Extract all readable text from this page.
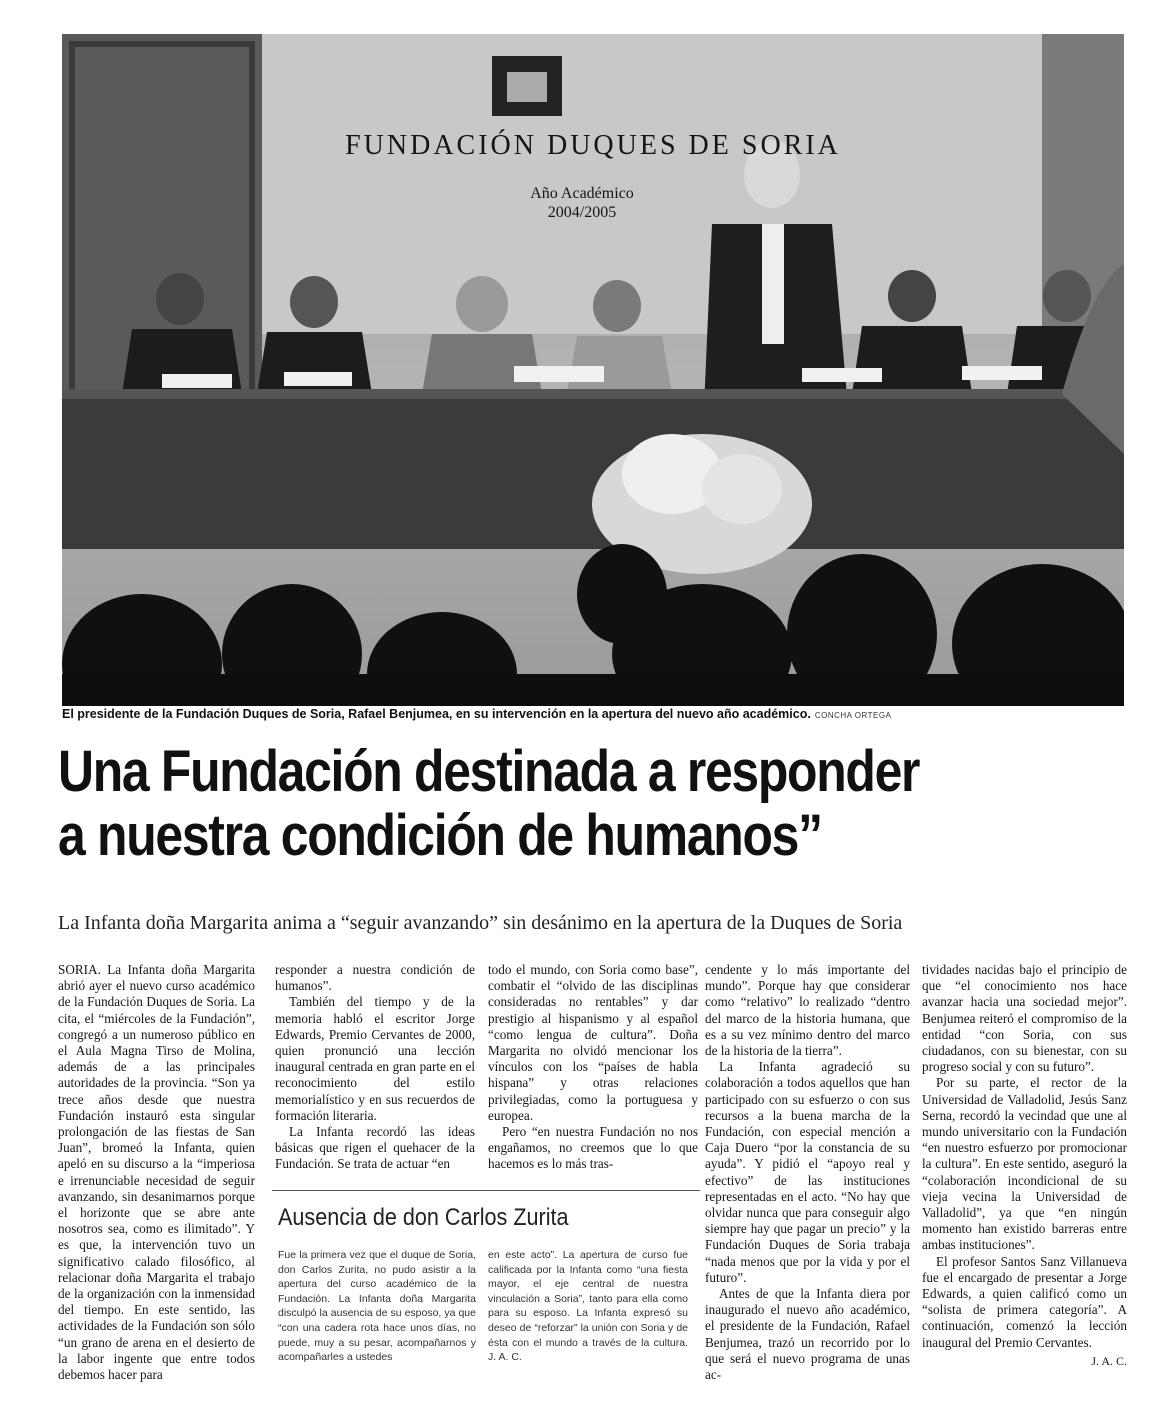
FUNDACIÓN DUQUES DE SORIA
Año Académico
2004/2005
El presidente de la Fundación Duques de Soria, Rafael Benjumea, en su intervención en la apertura del nuevo año académico. CONCHA ORTEGA
Una Fundación destinada a responder
a nuestra condición de humanos”
La Infanta doña Margarita anima a “seguir avanzando” sin desánimo en la apertura de la Duques de Soria

SORIA. La Infanta doña Margarita abrió ayer el nuevo curso académico de la Fundación Duques de Soria. La cita, el “miércoles de la Fundación”, congregó a un numeroso público en el Aula Magna Tirso de Molina, además de a las principales autoridades de la provincia. “Son ya trece años desde que nuestra Fundación instauró esta singular prolongación de las fiestas de San Juan”, bromeó la Infanta, quien apeló en su discurso a la “imperiosa e irrenunciable necesidad de seguir avanzando, sin desanimarnos porque el horizonte que se abre ante nosotros sea, como es ilimitado”. Y es que, la intervención tuvo un significativo calado filosófico, al relacionar doña Margarita el trabajo de la organización con la inmensidad del tiempo. En este sentido, las actividades de la Fundación son sólo “un grano de arena en el desierto de la labor ingente que entre todos debemos hacer para

responder a nuestra condición de humanos”.

También del tiempo y de la memoria habló el escritor Jorge Edwards, Premio Cervantes de 2000, quien pronunció una lección inaugural centrada en gran parte en el reconocimiento del estilo memorialístico y en sus recuerdos de formación literaria.

La Infanta recordó las ideas básicas que rigen el quehacer de la Fundación. Se trata de actuar “en

todo el mundo, con Soria como base”, combatir el “olvido de las disciplinas consideradas no rentables” y dar prestigio al hispanismo y al español “como lengua de cultura”. Doña Margarita no olvidó mencionar los vínculos con los “países de habla hispana” y otras relaciones privilegiadas, como la portuguesa y europea.

Pero “en nuestra Fundación no nos engañamos, no creemos que lo que hacemos es lo más tras-

cendente y lo más importante del mundo”. Porque hay que considerar como “relativo” lo realizado “dentro del marco de la historia humana, que es a su vez mínimo dentro del marco de la historia de la tierra”.

La Infanta agradeció su colaboración a todos aquellos que han participado con su esfuerzo o con sus recursos a la buena marcha de la Fundación, con especial mención a Caja Duero “por la constancia de su ayuda”. Y pidió el “apoyo real y efectivo” de las instituciones representadas en el acto. “No hay que olvidar nunca que para conseguir algo siempre hay que pagar un precio” y la Fundación Duques de Soria trabaja “nada menos que por la vida y por el futuro”.

Antes de que la Infanta diera por inaugurado el nuevo año académico, el presidente de la Fundación, Rafael Benjumea, trazó un recorrido por lo que será el nuevo programa de unas ac-

tividades nacidas bajo el principio de que “el conocimiento nos hace avanzar hacia una sociedad mejor”. Benjumea reiteró el compromiso de la entidad “con Soria, con sus ciudadanos, con su bienestar, con su progreso social y con su futuro”.

Por su parte, el rector de la Universidad de Valladolid, Jesús Sanz Serna, recordó la vecindad que une al mundo universitario con la Fundación “en nuestro esfuerzo por promocionar la cultura”. En este sentido, aseguró la “colaboración incondicional de su vieja vecina la Universidad de Valladolid”, ya que “en ningún momento han existido barreras entre ambas instituciones”.

El profesor Santos Sanz Villanueva fue el encargado de presentar a Jorge Edwards, a quien calificó como un “solista de primera categoría”. A continuación, comenzó la lección inaugural del Premio Cervantes.

J. A. C.
Ausencia de don Carlos Zurita
Fue la primera vez que el duque de Soria, don Carlos Zurita, no pudo asistir a la apertura del curso académico de la Fundación. La Infanta doña Margarita disculpó la ausencia de su esposo, ya que “con una cadera rota hace unos días, no puede, muy a su pesar, acompañarnos y acompañarles a ustedes
en este acto”. La apertura de curso fue calificada por la Infanta como “una fiesta mayor, el eje central de nuestra vinculación a Soria”, tanto para ella como para su esposo. La Infanta expresó su deseo de “reforzar” la unión con Soria y de ésta con el mundo a través de la cultura. J. A. C.
